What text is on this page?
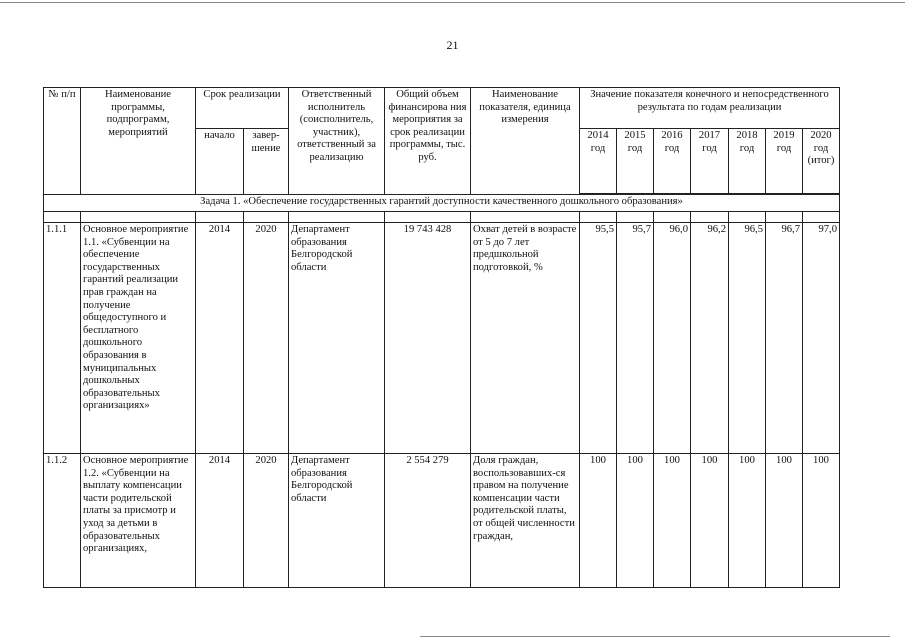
21
№ п/п	Наименование программы, подпрограмм, мероприятий	Срок реализации		Ответственный исполнитель (соисполнитель, участник), ответственный за реализацию	Общий объем финансирова ния мероприятия за срок реализации программы, тыс. руб.	Наименование показателя, единица измерения	Значение показателя конечного и непосредственного результата по годам реализации						
		начало	завер-шение				2014 год	2015 год	2016 год	2017 год	2018 год	2019 год	2020 год (итог)

Задача 1. «Обеспечение государственных гарантий доступности качественного дошкольного образования»													

1.1.1	Основное мероприятие 1.1. «Субвенции на обеспечение государственных гарантий реализации прав граждан на получение общедоступного и бесплатного дошкольного образования в муниципальных дошкольных образовательных организациях»	2014	2020	Департамент образования Белгородской области	19 743 428	Охват детей в возрасте от 5 до 7 лет предшкольной подготовкой, %	95,5	95,7	96,0	96,2	96,5	96,7	97,0
1.1.2	Основное мероприятие 1.2. «Субвенции на выплату компенсации части родительской платы за присмотр и уход за детьми в образовательных организациях,	2014	2020	Департамент образования Белгородской области	2 554 279	Доля граждан, воспользовавших-ся правом на получение компенсации части родительской платы, от общей численности граждан,	100	100	100	100	100	100	100
